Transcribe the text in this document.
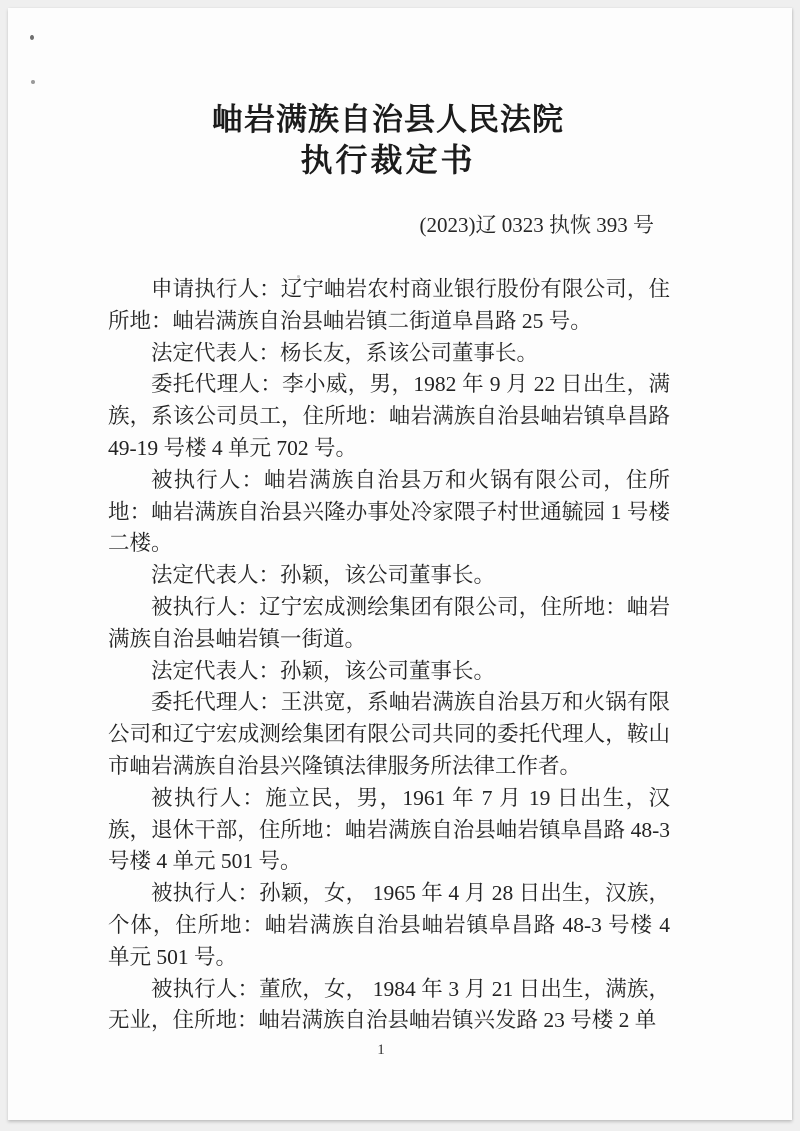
岫岩满族自治县人民法院
执行裁定书
(2023)辽 0323 执恢 393 号

申请执行人：辽宁岫岩农村商业银行股份有限公司，住所地：岫岩满族自治县岫岩镇二街道阜昌路 25 号。

法定代表人：杨长友，系该公司董事长。

委托代理人：李小威，男，1982 年 9 月 22 日出生，满族，系该公司员工，住所地：岫岩满族自治县岫岩镇阜昌路 49-19 号楼 4 单元 702 号。

被执行人：岫岩满族自治县万和火锅有限公司，住所地：岫岩满族自治县兴隆办事处冷家隈子村世通毓园 1 号楼二楼。

法定代表人：孙颖，该公司董事长。

被执行人：辽宁宏成测绘集团有限公司，住所地：岫岩满族自治县岫岩镇一街道。

法定代表人：孙颖，该公司董事长。

委托代理人：王洪宽，系岫岩满族自治县万和火锅有限公司和辽宁宏成测绘集团有限公司共同的委托代理人，鞍山市岫岩满族自治县兴隆镇法律服务所法律工作者。

被执行人：施立民，男，1961 年 7 月 19 日出生，汉族，退休干部，住所地：岫岩满族自治县岫岩镇阜昌路 48-3 号楼 4 单元 501 号。

被执行人：孙颖，女， 1965 年 4 月 28 日出生，汉族，个体，住所地：岫岩满族自治县岫岩镇阜昌路 48-3 号楼 4 单元 501 号。

被执行人：董欣，女， 1984 年 3 月 21 日出生，满族，无业，住所地：岫岩满族自治县岫岩镇兴发路 23 号楼 2 单

1
